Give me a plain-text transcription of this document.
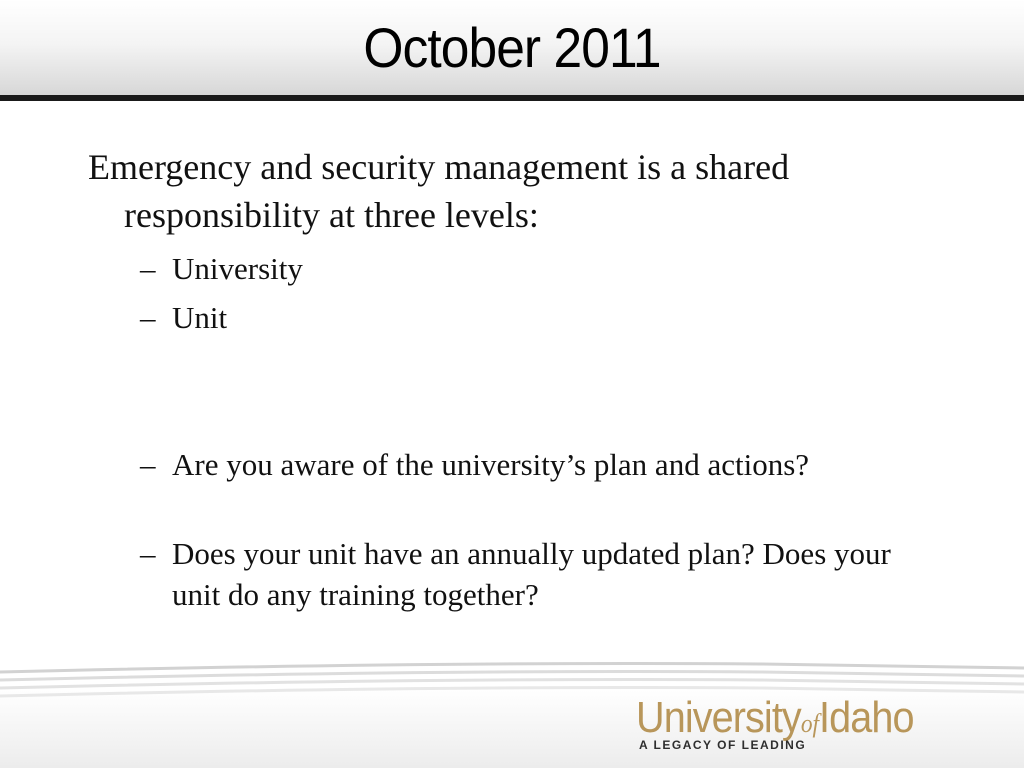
October 2011
Emergency and security management is a shared responsibility at three levels:
– University
– Unit
– Are you aware of the university’s plan and actions?
– Does your unit have an annually updated plan? Does your unit do any training together?
UniversityofIdaho
A LEGACY OF LEADING
